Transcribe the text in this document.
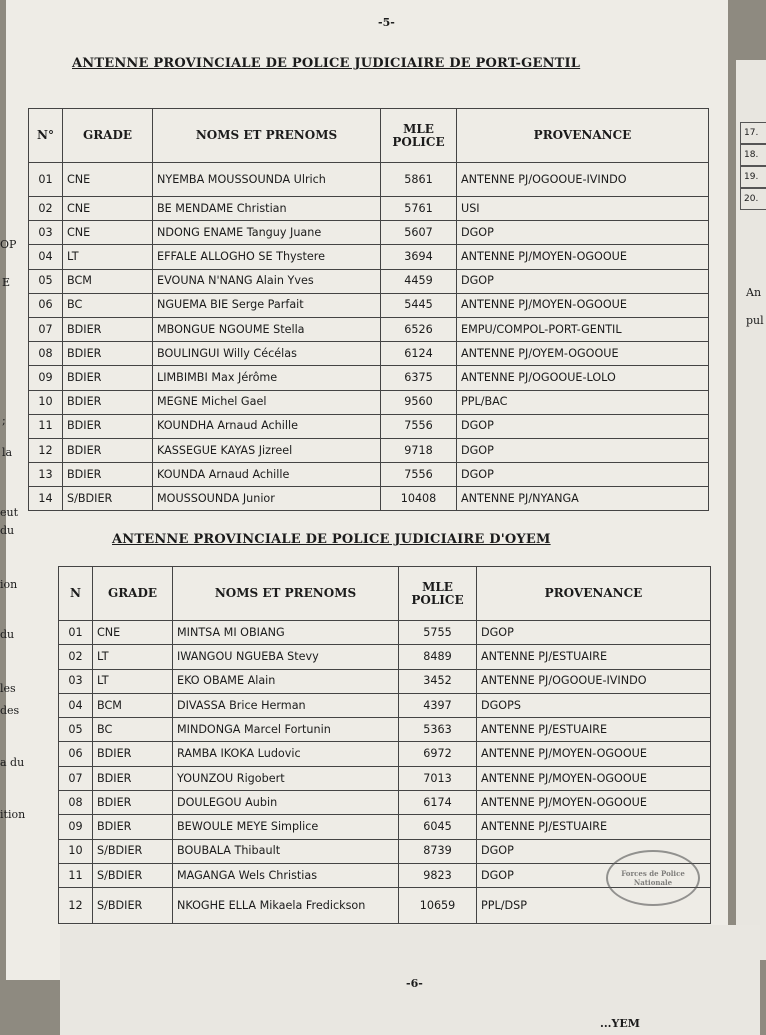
17.
18.
19.
20.
An
pul
-6-
...YEM
OP
E
;
la
eut
du
ion
du
les
des
a du
ition
-5-
ANTENNE PROVINCIALE DE POLICE JUDICIAIRE DE PORT-GENTIL
N°	GRADE	NOMS ET PRENOMS	MLE POLICE	PROVENANCE
01	CNE	NYEMBA MOUSSOUNDA Ulrich	5861	ANTENNE PJ/OGOOUE-IVINDO
02	CNE	BE MENDAME Christian	5761	USI
03	CNE	NDONG ENAME Tanguy Juane	5607	DGOP
04	LT	EFFALE ALLOGHO SE Thystere	3694	ANTENNE PJ/MOYEN-OGOOUE
05	BCM	EVOUNA N'NANG Alain Yves	4459	DGOP
06	BC	NGUEMA BIE Serge Parfait	5445	ANTENNE PJ/MOYEN-OGOOUE
07	BDIER	MBONGUE NGOUME Stella	6526	EMPU/COMPOL-PORT-GENTIL
08	BDIER	BOULINGUI Willy Cécélas	6124	ANTENNE PJ/OYEM-OGOOUE
09	BDIER	LIMBIMBI Max Jérôme	6375	ANTENNE PJ/OGOOUE-LOLO
10	BDIER	MEGNE Michel Gael	9560	PPL/BAC
11	BDIER	KOUNDHA Arnaud Achille	7556	DGOP
12	BDIER	KASSEGUE KAYAS Jizreel	9718	DGOP
13	BDIER	KOUNDA Arnaud Achille	7556	DGOP
14	S/BDIER	MOUSSOUNDA Junior	10408	ANTENNE PJ/NYANGA
ANTENNE PROVINCIALE DE POLICE JUDICIAIRE D'OYEM
N	GRADE	NOMS ET PRENOMS	MLE POLICE	PROVENANCE
01	CNE	MINTSA MI OBIANG	5755	DGOP
02	LT	IWANGOU NGUEBA Stevy	8489	ANTENNE PJ/ESTUAIRE
03	LT	EKO OBAME Alain	3452	ANTENNE PJ/OGOOUE-IVINDO
04	BCM	DIVASSA Brice Herman	4397	DGOPS
05	BC	MINDONGA Marcel Fortunin	5363	ANTENNE PJ/ESTUAIRE
06	BDIER	RAMBA IKOKA Ludovic	6972	ANTENNE PJ/MOYEN-OGOOUE
07	BDIER	YOUNZOU Rigobert	7013	ANTENNE PJ/MOYEN-OGOOUE
08	BDIER	DOULEGOU Aubin	6174	ANTENNE PJ/MOYEN-OGOOUE
09	BDIER	BEWOULE MEYE Simplice	6045	ANTENNE PJ/ESTUAIRE
10	S/BDIER	BOUBALA Thibault	8739	DGOP
11	S/BDIER	MAGANGA Wels Christias	9823	DGOP
12	S/BDIER	NKOGHE ELLA Mikaela Fredickson	10659	PPL/DSP
Forces de Police Nationale
